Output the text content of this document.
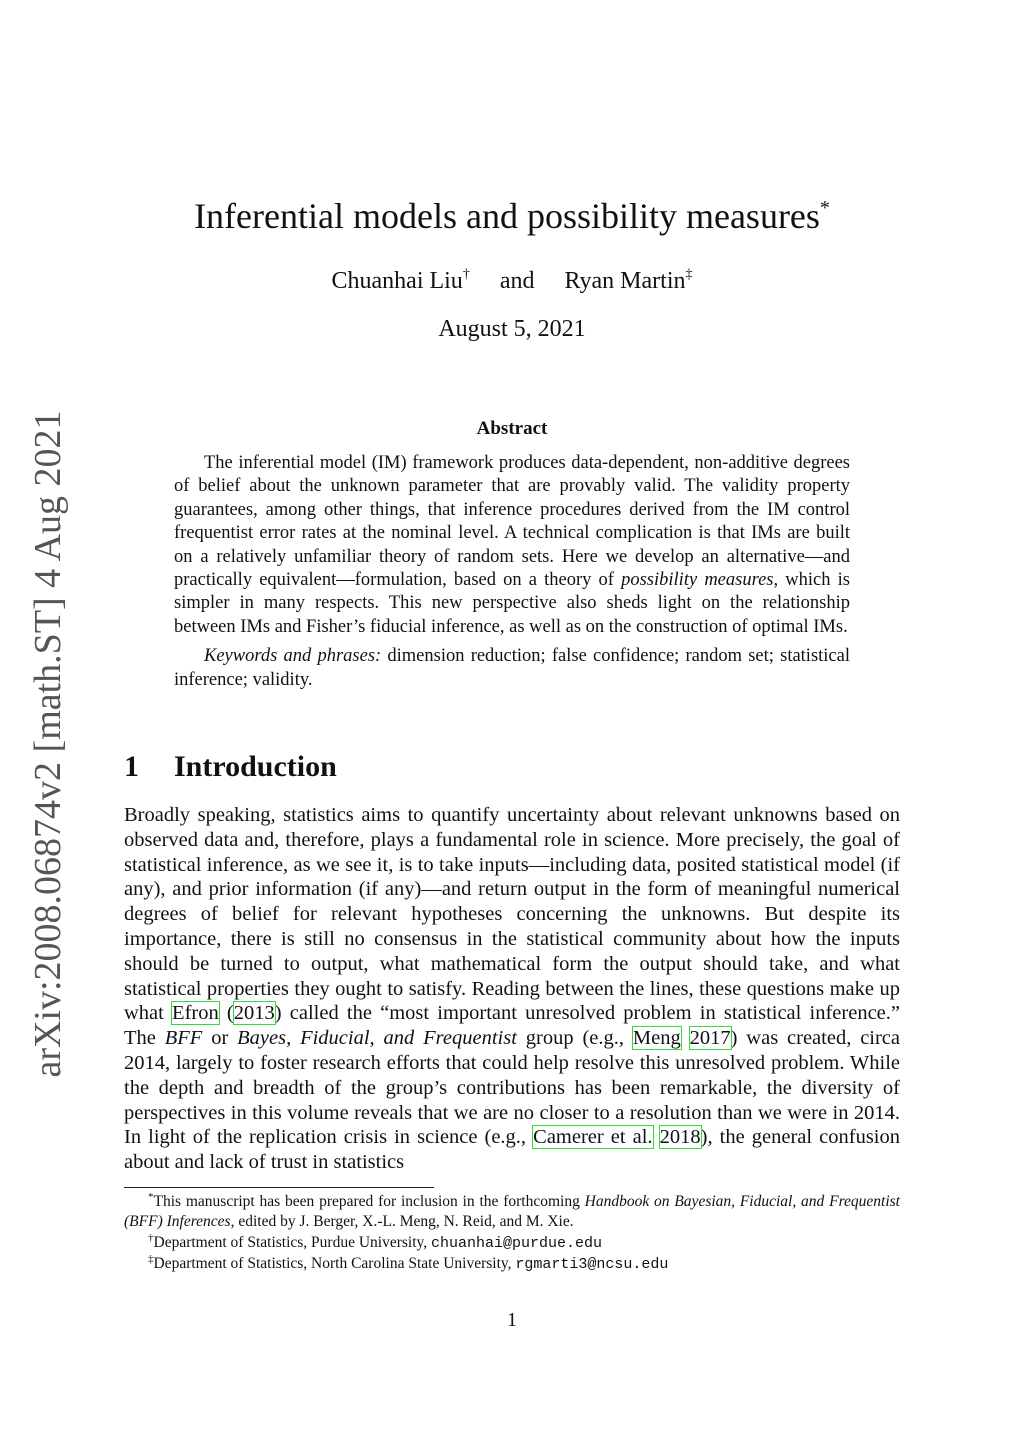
arXiv:2008.06874v2 [math.ST] 4 Aug 2021
Inferential models and possibility measures*
Chuanhai Liu† and Ryan Martin‡
August 5, 2021
Abstract

The inferential model (IM) framework produces data-dependent, non-additive degrees of belief about the unknown parameter that are provably valid. The validity property guarantees, among other things, that inference procedures derived from the IM control frequentist error rates at the nominal level. A technical complication is that IMs are built on a relatively unfamiliar theory of random sets. Here we develop an alternative—and practically equivalent—formulation, based on a theory of possibility measures, which is simpler in many respects. This new perspective also sheds light on the relationship between IMs and Fisher’s fiducial inference, as well as on the construction of optimal IMs.

Keywords and phrases: dimension reduction; false confidence; random set; statistical inference; validity.

1 Introduction

Broadly speaking, statistics aims to quantify uncertainty about relevant unknowns based on observed data and, therefore, plays a fundamental role in science. More precisely, the goal of statistical inference, as we see it, is to take inputs—including data, posited statistical model (if any), and prior information (if any)—and return output in the form of meaningful numerical degrees of belief for relevant hypotheses concerning the unknowns. But despite its importance, there is still no consensus in the statistical community about how the inputs should be turned to output, what mathematical form the output should take, and what statistical properties they ought to satisfy. Reading between the lines, these questions make up what Efron (2013) called the “most important unresolved problem in statistical inference.” The BFF or Bayes, Fiducial, and Frequentist group (e.g., Meng 2017) was created, circa 2014, largely to foster research efforts that could help resolve this unresolved problem. While the depth and breadth of the group’s contributions has been remarkable, the diversity of perspectives in this volume reveals that we are no closer to a resolution than we were in 2014. In light of the replication crisis in science (e.g., Camerer et al. 2018), the general confusion about and lack of trust in statistics

*This manuscript has been prepared for inclusion in the forthcoming Handbook on Bayesian, Fiducial, and Frequentist (BFF) Inferences, edited by J. Berger, X.-L. Meng, N. Reid, and M. Xie.

†Department of Statistics, Purdue University, chuanhai@purdue.edu

‡Department of Statistics, North Carolina State University, rgmarti3@ncsu.edu

1
